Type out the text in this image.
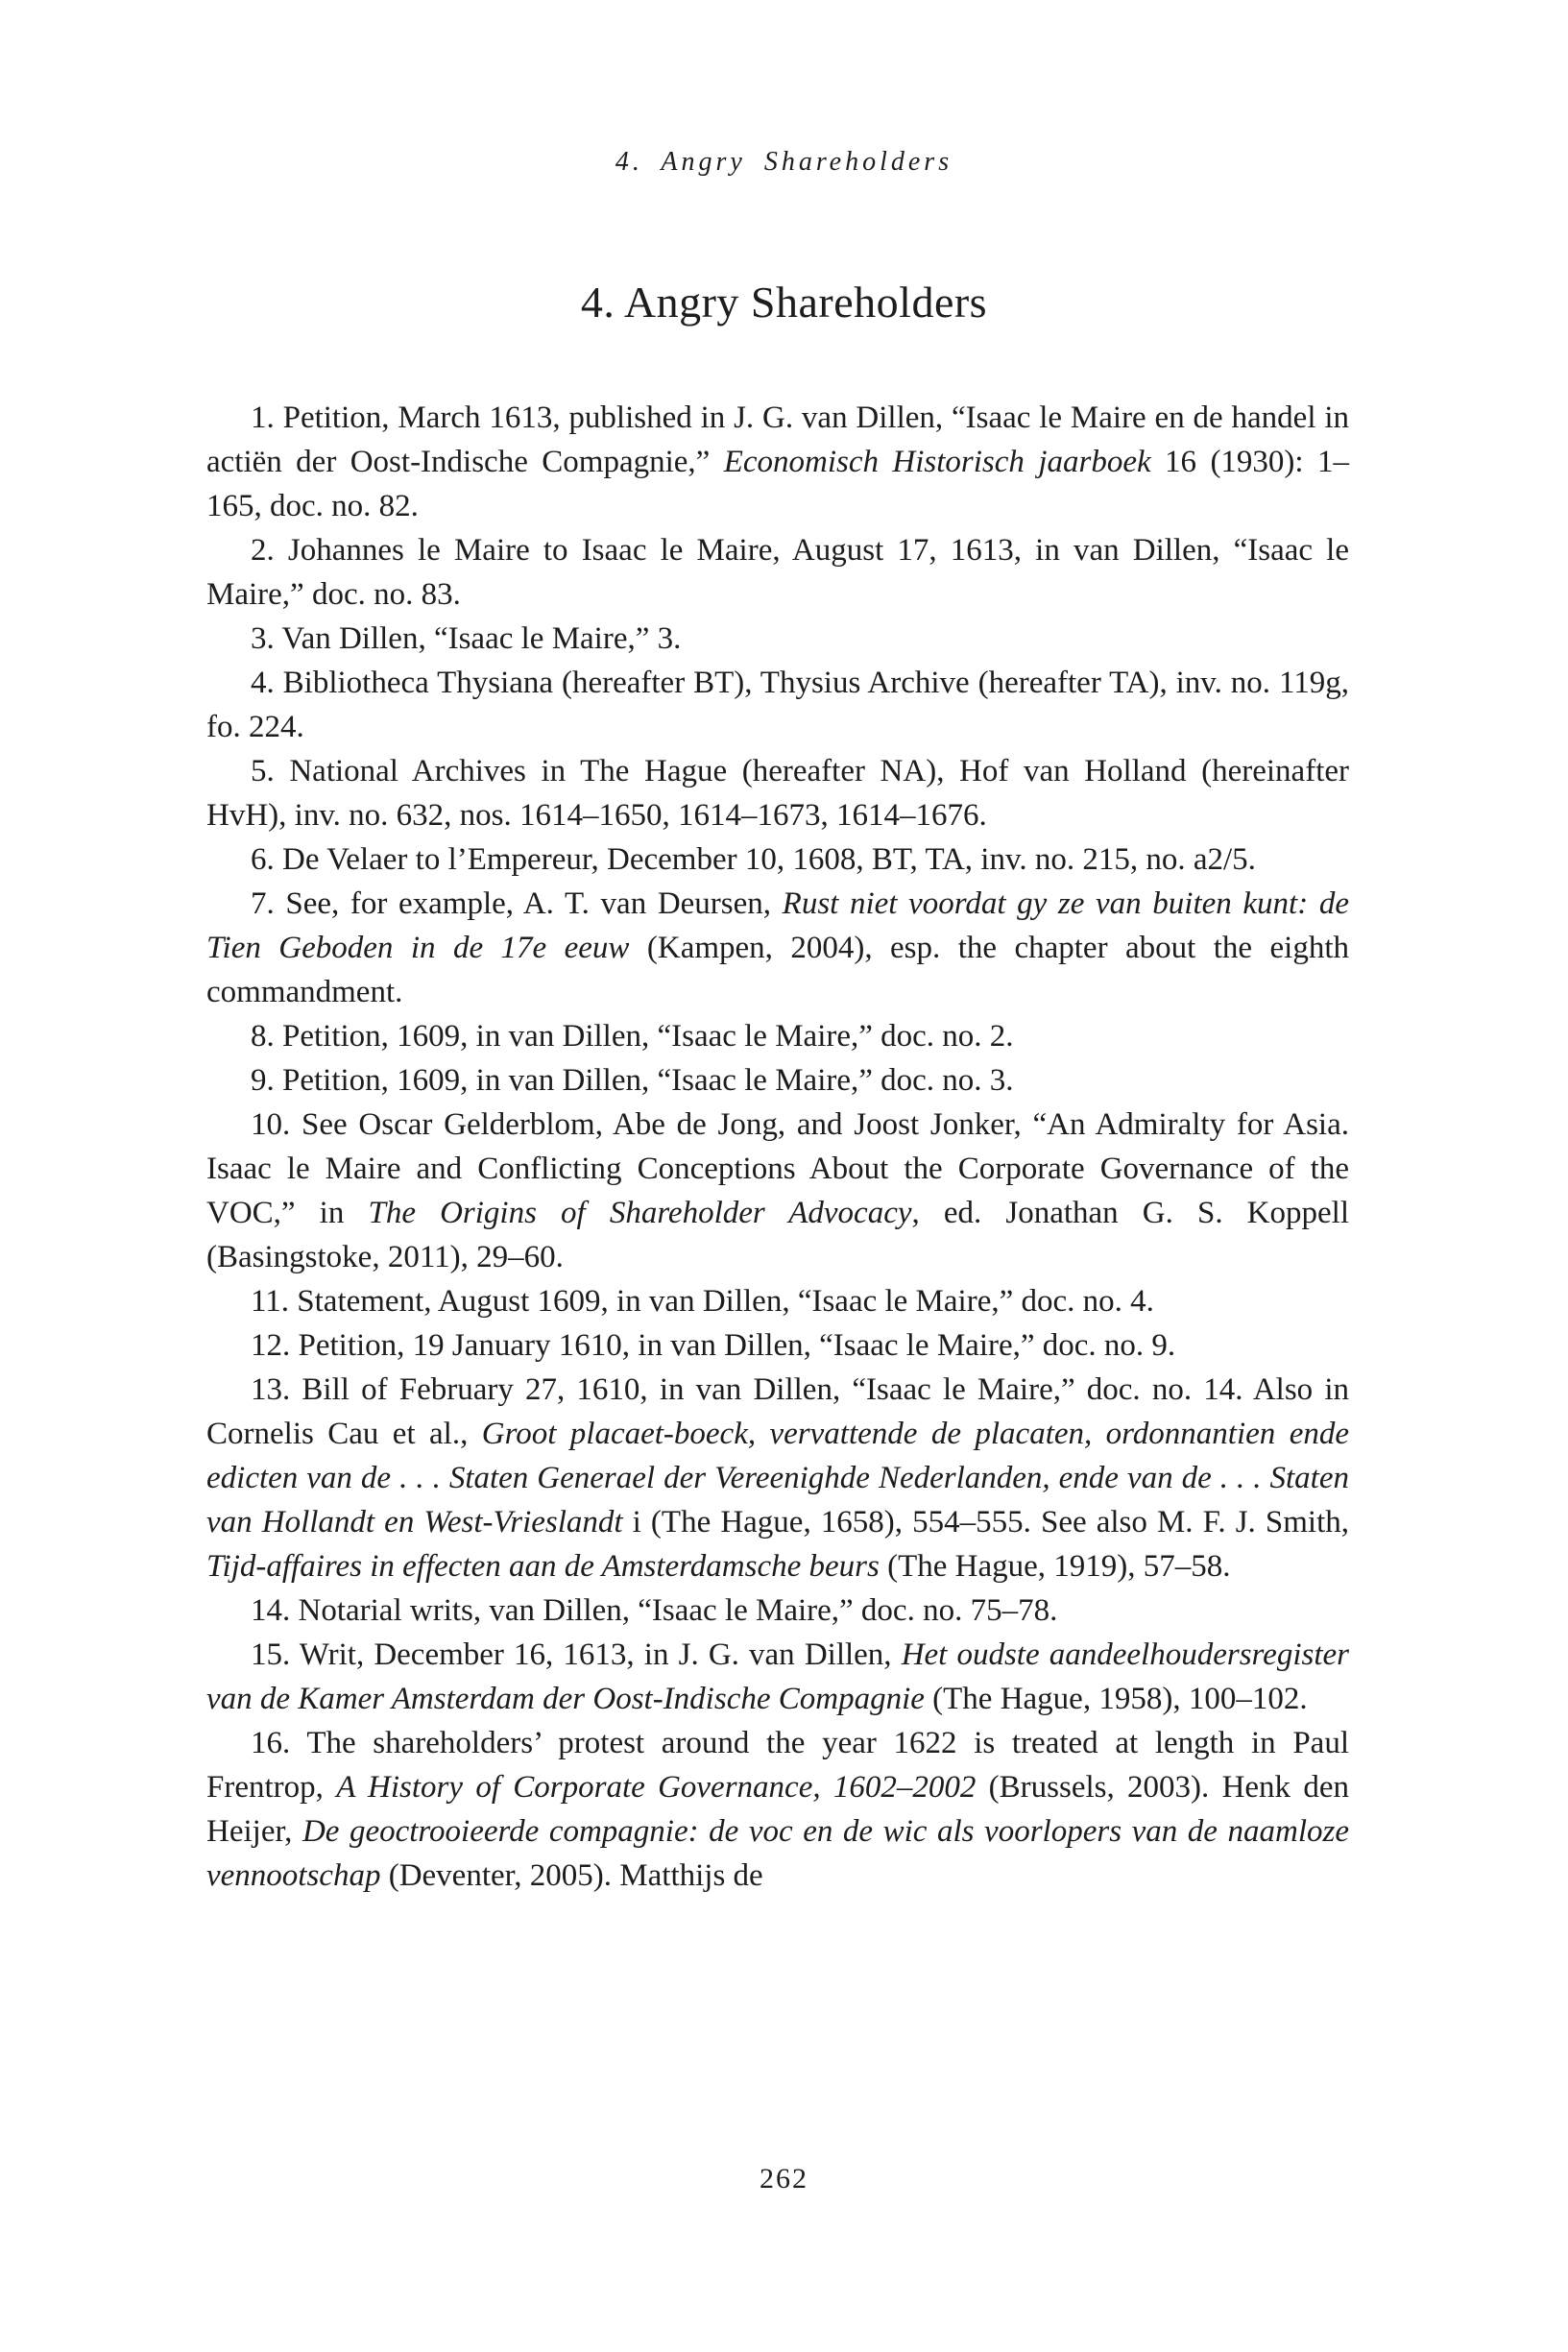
4. Angry Shareholders
4. Angry Shareholders

1. Petition, March 1613, published in J. G. van Dillen, “Isaac le Maire en de handel in actiën der Oost-Indische Compagnie,” Economisch Historisch jaarboek 16 (1930): 1–165, doc. no. 82.

2. Johannes le Maire to Isaac le Maire, August 17, 1613, in van Dillen, “Isaac le Maire,” doc. no. 83.

3. Van Dillen, “Isaac le Maire,” 3.

4. Bibliotheca Thysiana (hereafter BT), Thysius Archive (hereafter TA), inv. no. 119g, fo. 224.

5. National Archives in The Hague (hereafter NA), Hof van Holland (hereinafter HvH), inv. no. 632, nos. 1614–1650, 1614–1673, 1614–1676.

6. De Velaer to l’Empereur, December 10, 1608, BT, TA, inv. no. 215, no. a2/5.

7. See, for example, A. T. van Deursen, Rust niet voordat gy ze van buiten kunt: de Tien Geboden in de 17e eeuw (Kampen, 2004), esp. the chapter about the eighth commandment.

8. Petition, 1609, in van Dillen, “Isaac le Maire,” doc. no. 2.

9. Petition, 1609, in van Dillen, “Isaac le Maire,” doc. no. 3.

10. See Oscar Gelderblom, Abe de Jong, and Joost Jonker, “An Admiralty for Asia. Isaac le Maire and Conflicting Conceptions About the Corporate Governance of the VOC,” in The Origins of Shareholder Advocacy, ed. Jonathan G. S. Koppell (Basingstoke, 2011), 29–60.

11. Statement, August 1609, in van Dillen, “Isaac le Maire,” doc. no. 4.

12. Petition, 19 January 1610, in van Dillen, “Isaac le Maire,” doc. no. 9.

13. Bill of February 27, 1610, in van Dillen, “Isaac le Maire,” doc. no. 14. Also in Cornelis Cau et al., Groot placaet-boeck, vervattende de placaten, ordonnantien ende edicten van de . . . Staten Generael der Vereenighde Nederlanden, ende van de . . . Staten van Hollandt en West-Vrieslandt i (The Hague, 1658), 554–555. See also M. F. J. Smith, Tijd-affaires in effecten aan de Amsterdamsche beurs (The Hague, 1919), 57–58.

14. Notarial writs, van Dillen, “Isaac le Maire,” doc. no. 75–78.

15. Writ, December 16, 1613, in J. G. van Dillen, Het oudste aandeelhoudersregister van de Kamer Amsterdam der Oost-Indische Compagnie (The Hague, 1958), 100–102.

16. The shareholders’ protest around the year 1622 is treated at length in Paul Frentrop, A History of Corporate Governance, 1602–2002 (Brussels, 2003). Henk den Heijer, De geoctrooieerde compagnie: de voc en de wic als voorlopers van de naamloze vennootschap (Deventer, 2005). Matthijs de

262
